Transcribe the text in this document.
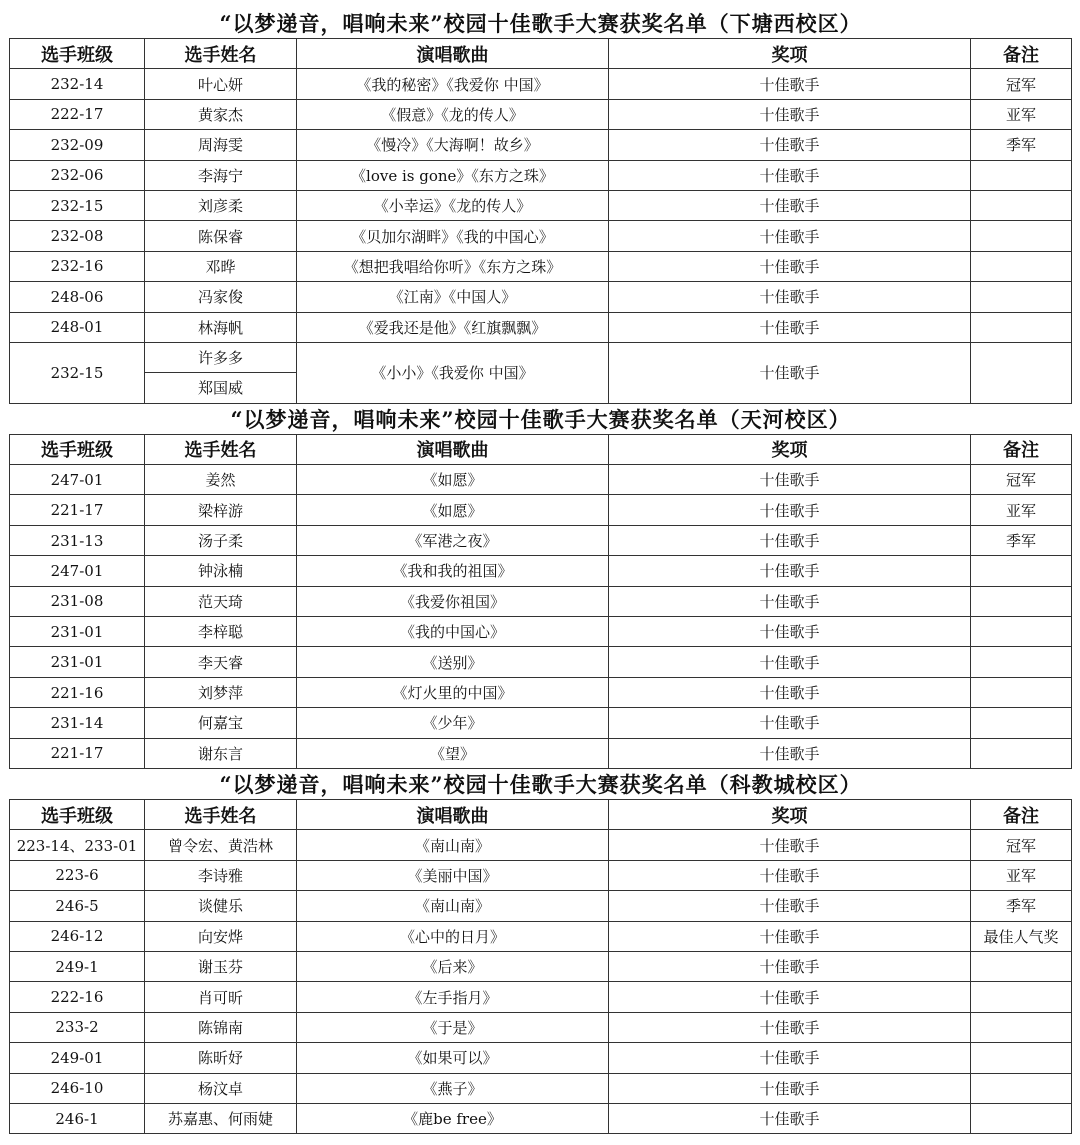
“以梦递音，唱响未来”校园十佳歌手大赛获奖名单（下塘西校区）				
选手班级	选手姓名	演唱歌曲	奖项	备注
232-14	叶心妍	《我的秘密》《我爱你 中国》	十佳歌手	冠军
222-17	黄家杰	《假意》《龙的传人》	十佳歌手	亚军
232-09	周海雯	《慢冷》《大海啊！故乡》	十佳歌手	季军
232-06	李海宁	《love is gone》《东方之珠》	十佳歌手	
232-15	刘彦柔	《小幸运》《龙的传人》	十佳歌手	
232-08	陈保睿	《贝加尔湖畔》《我的中国心》	十佳歌手	
232-16	邓晔	《想把我唱给你听》《东方之珠》	十佳歌手	
248-06	冯家俊	《江南》《中国人》	十佳歌手	
248-01	林海帆	《爱我还是他》《红旗飘飘》	十佳歌手	
232-15	许多多	《小小》《我爱你 中国》	十佳歌手	
	郑国威			
“以梦递音，唱响未来”校园十佳歌手大赛获奖名单（天河校区）				
选手班级	选手姓名	演唱歌曲	奖项	备注
247-01	姜然	《如愿》	十佳歌手	冠军
221-17	梁梓游	《如愿》	十佳歌手	亚军
231-13	汤子柔	《军港之夜》	十佳歌手	季军
247-01	钟泳楠	《我和我的祖国》	十佳歌手	
231-08	范天琦	《我爱你祖国》	十佳歌手	
231-01	李梓聪	《我的中国心》	十佳歌手	
231-01	李天睿	《送别》	十佳歌手	
221-16	刘梦萍	《灯火里的中国》	十佳歌手	
231-14	何嘉宝	《少年》	十佳歌手	
221-17	谢东言	《望》	十佳歌手	
“以梦递音，唱响未来”校园十佳歌手大赛获奖名单（科教城校区）				
选手班级	选手姓名	演唱歌曲	奖项	备注
223-14、233-01	曾令宏、黄浩林	《南山南》	十佳歌手	冠军
223-6	李诗雅	《美丽中国》	十佳歌手	亚军
246-5	谈健乐	《南山南》	十佳歌手	季军
246-12	向安烨	《心中的日月》	十佳歌手	最佳人气奖
249-1	谢玉芬	《后来》	十佳歌手	
222-16	肖可昕	《左手指月》	十佳歌手	
233-2	陈锦南	《于是》	十佳歌手	
249-01	陈昕妤	《如果可以》	十佳歌手	
246-10	杨汶卓	《燕子》	十佳歌手	
246-1	苏嘉惠、何雨婕	《鹿be free》	十佳歌手	
